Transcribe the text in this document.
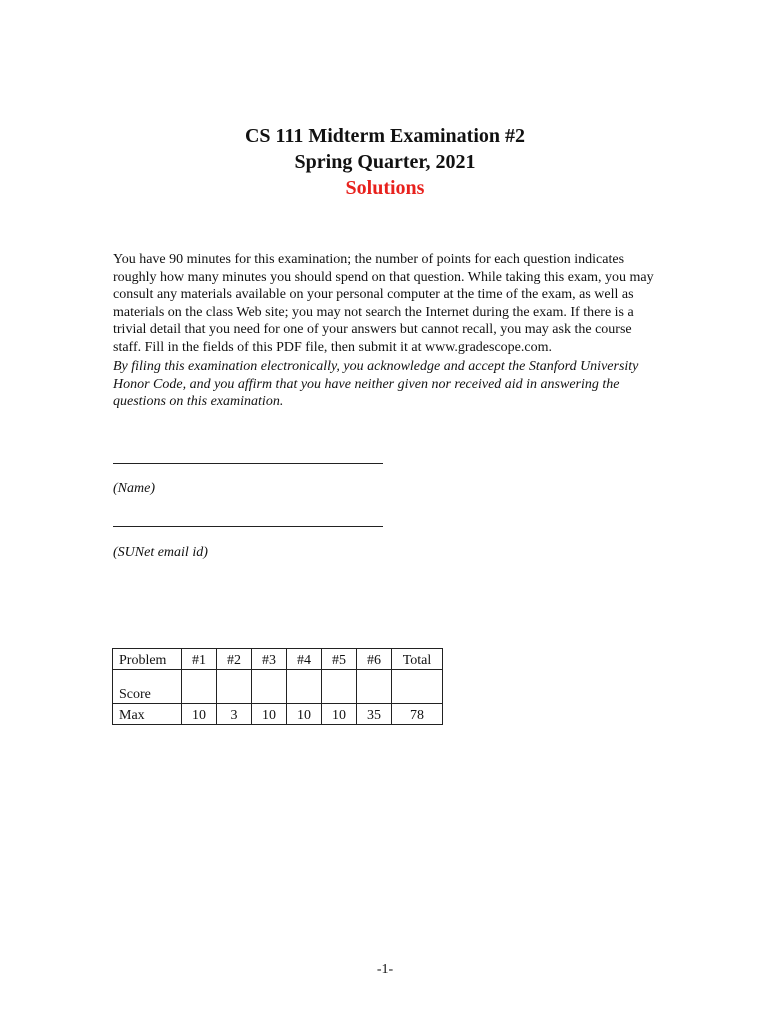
CS 111 Midterm Examination #2
Spring Quarter, 2021
Solutions

You have 90 minutes for this examination; the number of points for each question indicates roughly how many minutes you should spend on that question. While taking this exam, you may consult any materials available on your personal computer at the time of the exam, as well as materials on the class Web site; you may not search the Internet during the exam. If there is a trivial detail that you need for one of your answers but cannot recall, you may ask the course staff. Fill in the fields of this PDF file, then submit it at www.gradescope.com.

By filing this examination electronically, you acknowledge and accept the Stanford University Honor Code, and you affirm that you have neither given nor received aid in answering the questions on this examination.

(Name)
(SUNet email id)
Problem	#1	#2	#3	#4	#5	#6	Total
Score							
Max	10	3	10	10	10	35	78
-1-
